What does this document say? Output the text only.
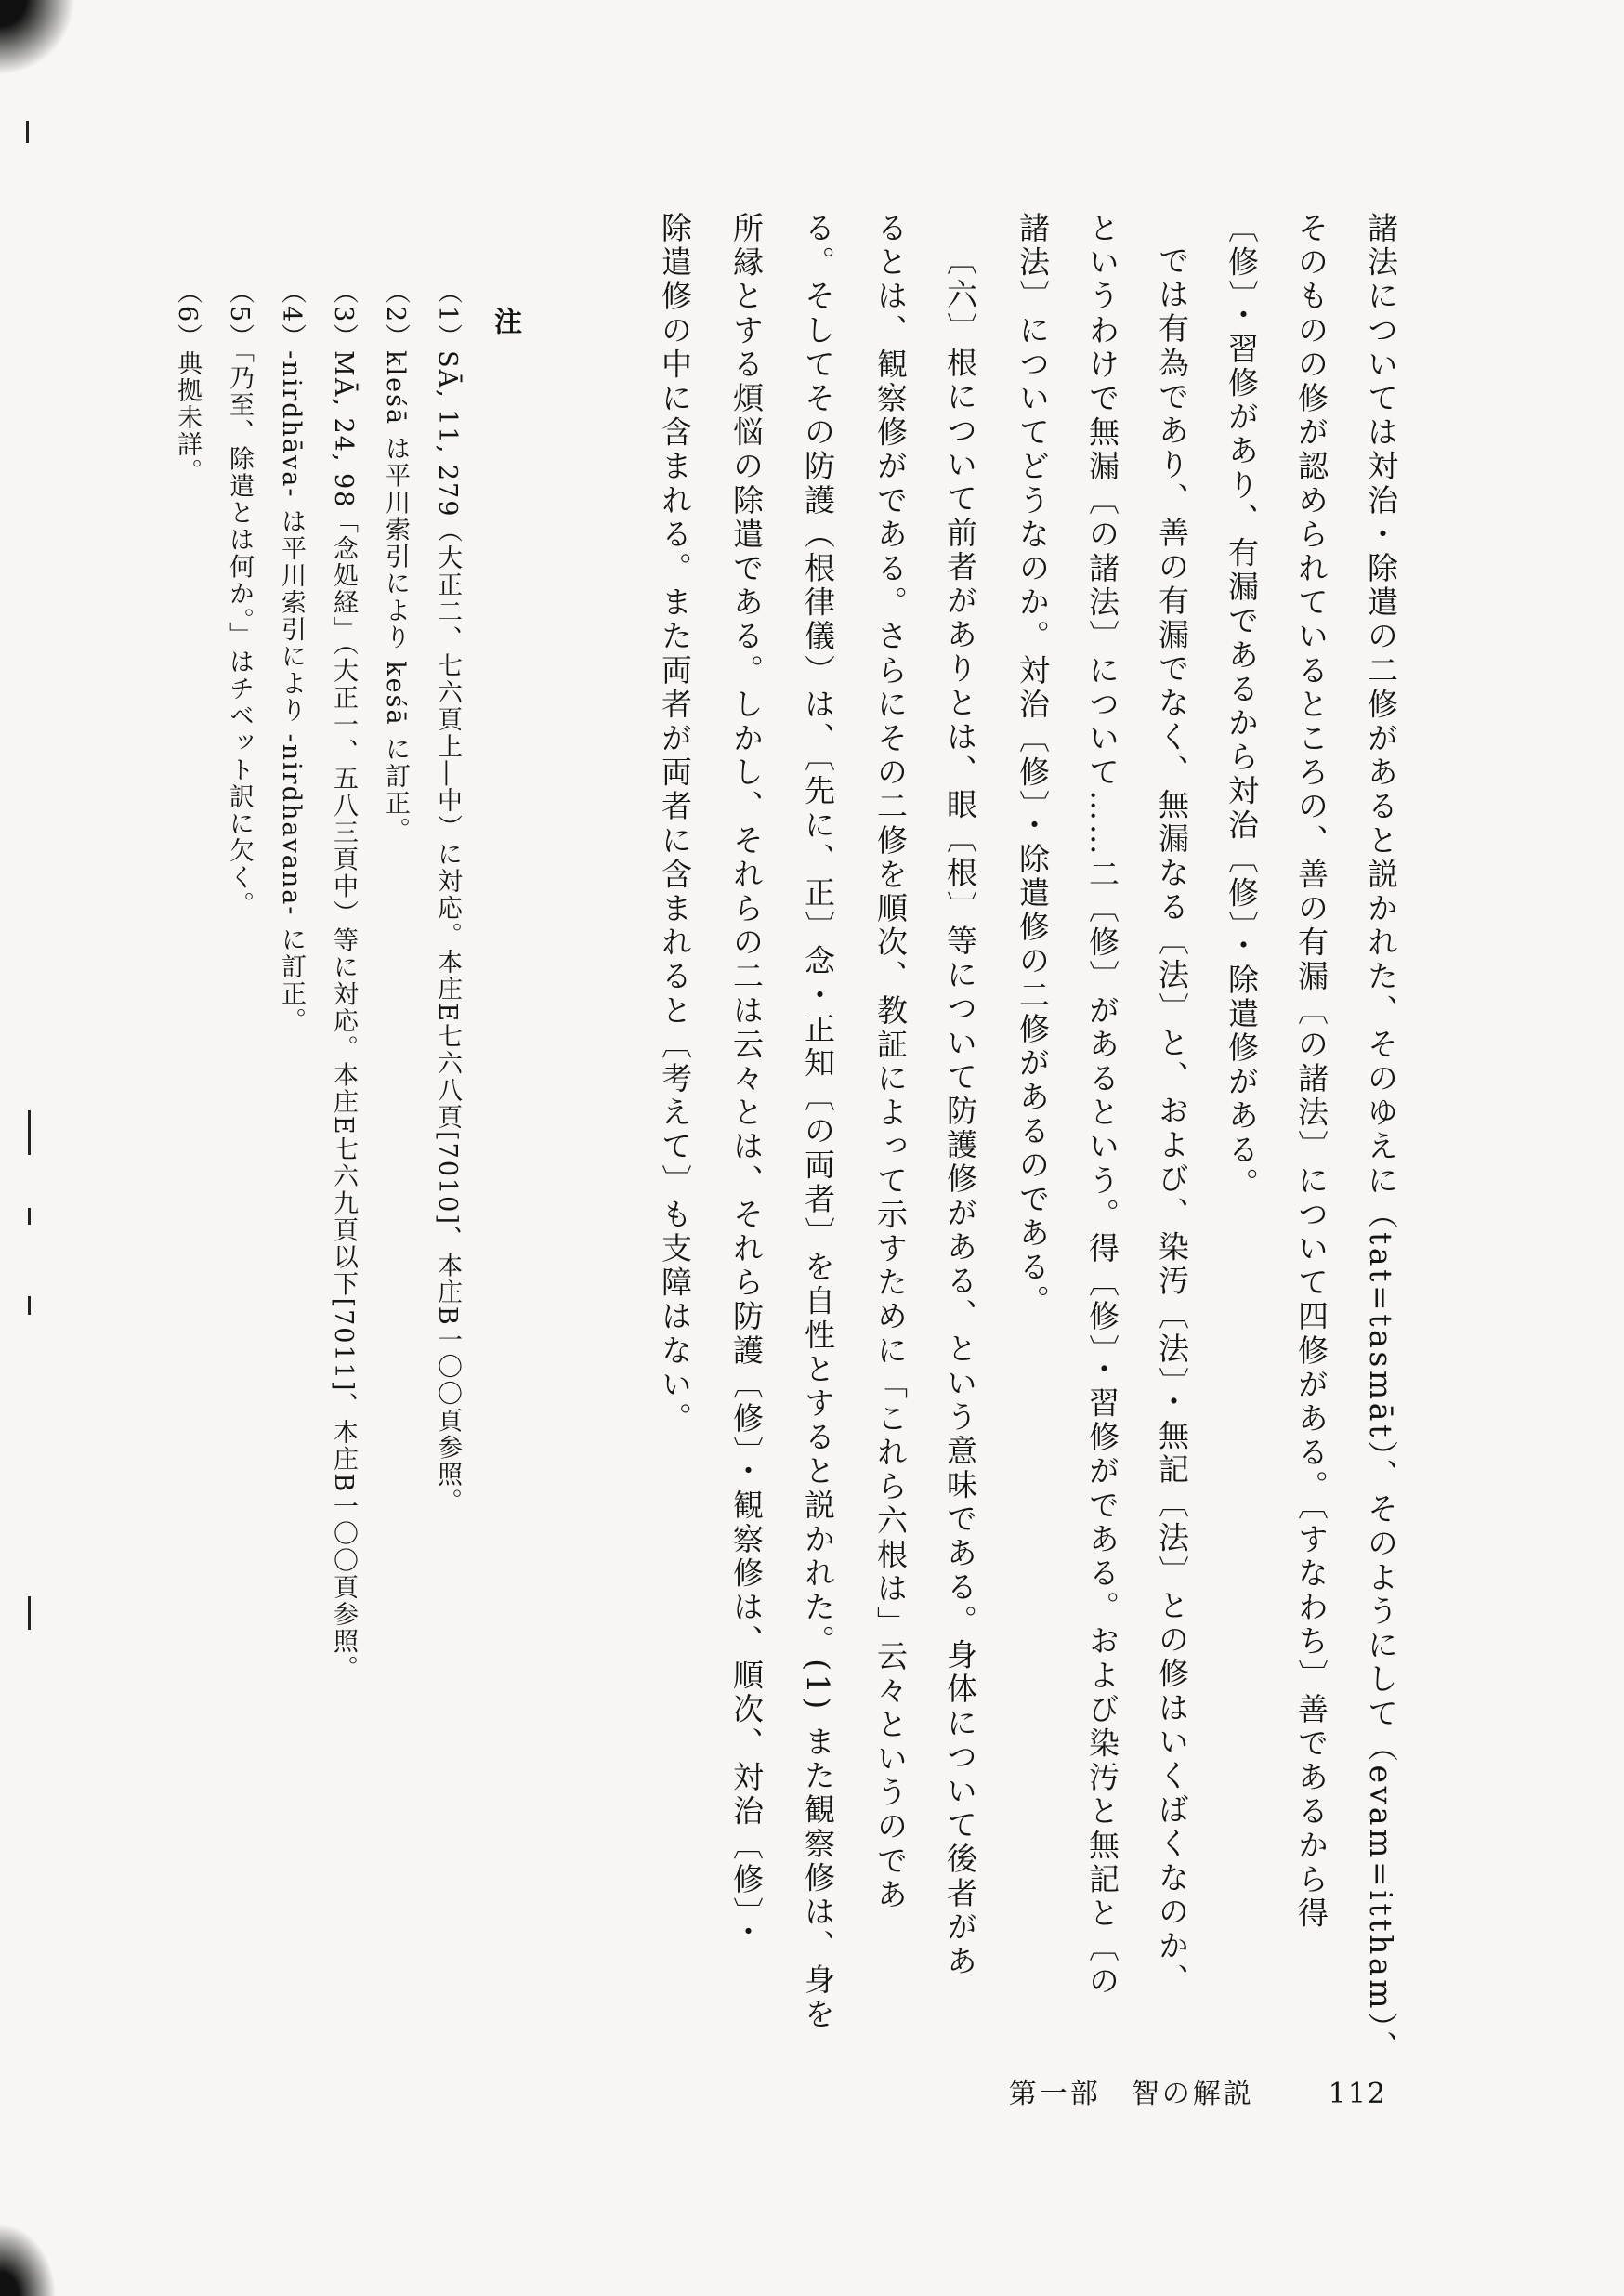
第一部　智の解説	112
諸法については対治・除遣の二修があると説かれた、そのゆえに（tat=tasmāt）、そのようにして（evam=ittham）、
そのものの修が認められているところの、善の有漏〔の諸法〕について四修がある。〔すなわち〕善であるから得
〔修〕・習修があり、有漏であるから対治〔修〕・除遣修がある。
では有為であり、善の有漏でなく、無漏なる〔法〕と、および、染汚〔法〕・無記〔法〕との修はいくばくなのか、
というわけで無漏〔の諸法〕について……二〔修〕があるという。得〔修〕・習修がである。および染汚と無記と〔の
諸法〕についてどうなのか。対治〔修〕・除遣修の二修があるのである。
〔六〕根について前者がありとは、眼〔根〕等について防護修がある、という意味である。身体について後者があ
るとは、観察修がである。さらにその二修を順次、教証によって示すために「これら六根は」云々というのであ
る。そしてその防護（根律儀）は、〔先に、正〕念・正知〔の両者〕を自性とすると説かれた。(1) また観察修は、身を
所縁とする煩悩の除遣である。しかし、それらの二は云々とは、それら防護〔修〕・観察修は、順次、対治〔修〕・
除遣修の中に含まれる。また両者が両者に含まれると〔考えて〕も支障はない。
注
（1）SĀ, 11, 279（大正二、七六頁上―中）に対応。本庄E七六八頁[7010]、本庄B一〇〇頁参照。
（2）kleśā は平川索引により keśā に訂正。
（3）MĀ, 24, 98「念処経」（大正一、五八三頁中）等に対応。本庄E七六九頁以下[7011]、本庄B一〇〇頁参照。
（4）-nirdhāva- は平川索引により -nirdhavana- に訂正。
（5）「乃至、除遣とは何か。」はチベット訳に欠く。
（6）典拠未詳。
